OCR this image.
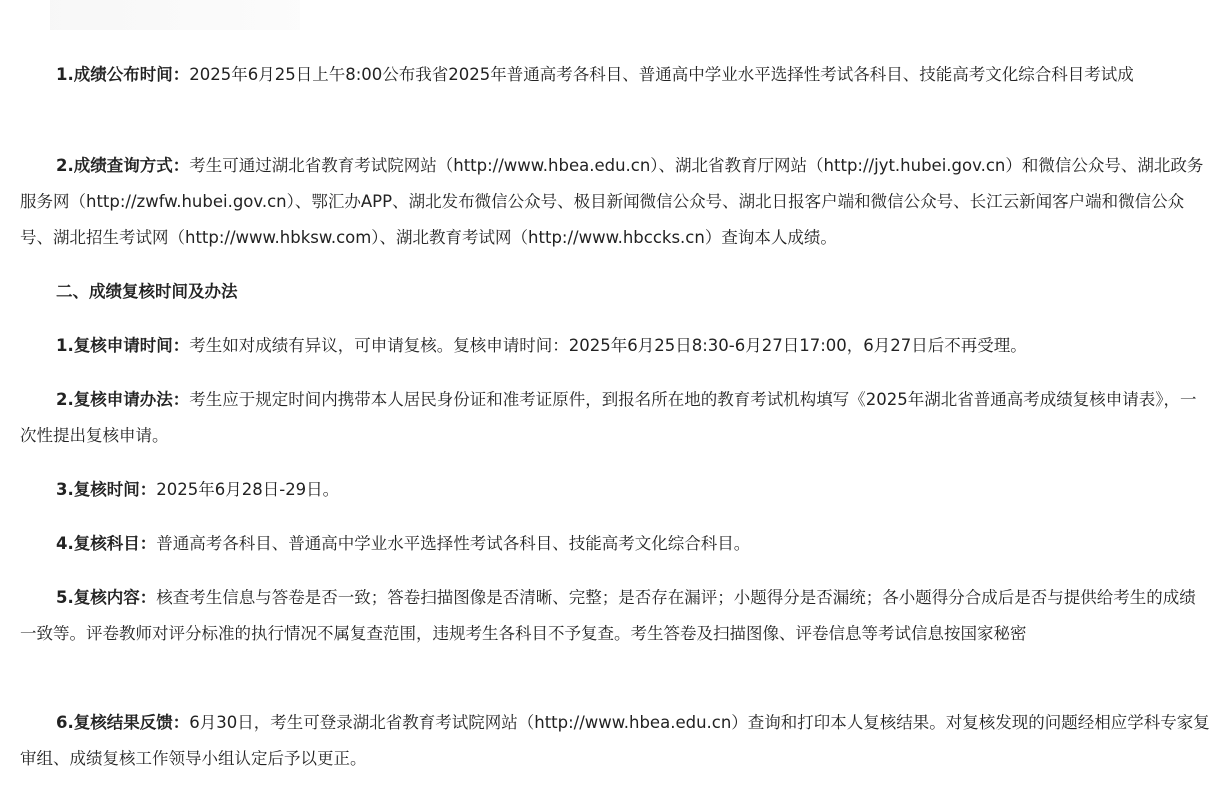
1.成绩公布时间：2025年6月25日上午8:00公布我省2025年普通高考各科目、普通高中学业水平选择性考试各科目、技能高考文化综合科目考试成

2.成绩查询方式：考生可通过湖北省教育考试院网站（http://www.hbea.edu.cn）、湖北省教育厅网站（http://jyt.hubei.gov.cn）和微信公众号、湖北政务服务网（http://zwfw.hubei.gov.cn）、鄂汇办APP、湖北发布微信公众号、极目新闻微信公众号、湖北日报客户端和微信公众号、长江云新闻客户端和微信公众号、湖北招生考试网（http://www.hbksw.com）、湖北教育考试网（http://www.hbccks.cn）查询本人成绩。

二、成绩复核时间及办法

1.复核申请时间：考生如对成绩有异议，可申请复核。复核申请时间：2025年6月25日8:30-6月27日17:00，6月27日后不再受理。

2.复核申请办法：考生应于规定时间内携带本人居民身份证和准考证原件，到报名所在地的教育考试机构填写《2025年湖北省普通高考成绩复核申请表》，一次性提出复核申请。

3.复核时间：2025年6月28日-29日。

4.复核科目：普通高考各科目、普通高中学业水平选择性考试各科目、技能高考文化综合科目。

5.复核内容：核查考生信息与答卷是否一致；答卷扫描图像是否清晰、完整；是否存在漏评；小题得分是否漏统；各小题得分合成后是否与提供给考生的成绩一致等。评卷教师对评分标准的执行情况不属复查范围，违规考生各科目不予复查。考生答卷及扫描图像、评卷信息等考试信息按国家秘密

6.复核结果反馈：6月30日，考生可登录湖北省教育考试院网站（http://www.hbea.edu.cn）查询和打印本人复核结果。对复核发现的问题经相应学科专家复审组、成绩复核工作领导小组认定后予以更正。
